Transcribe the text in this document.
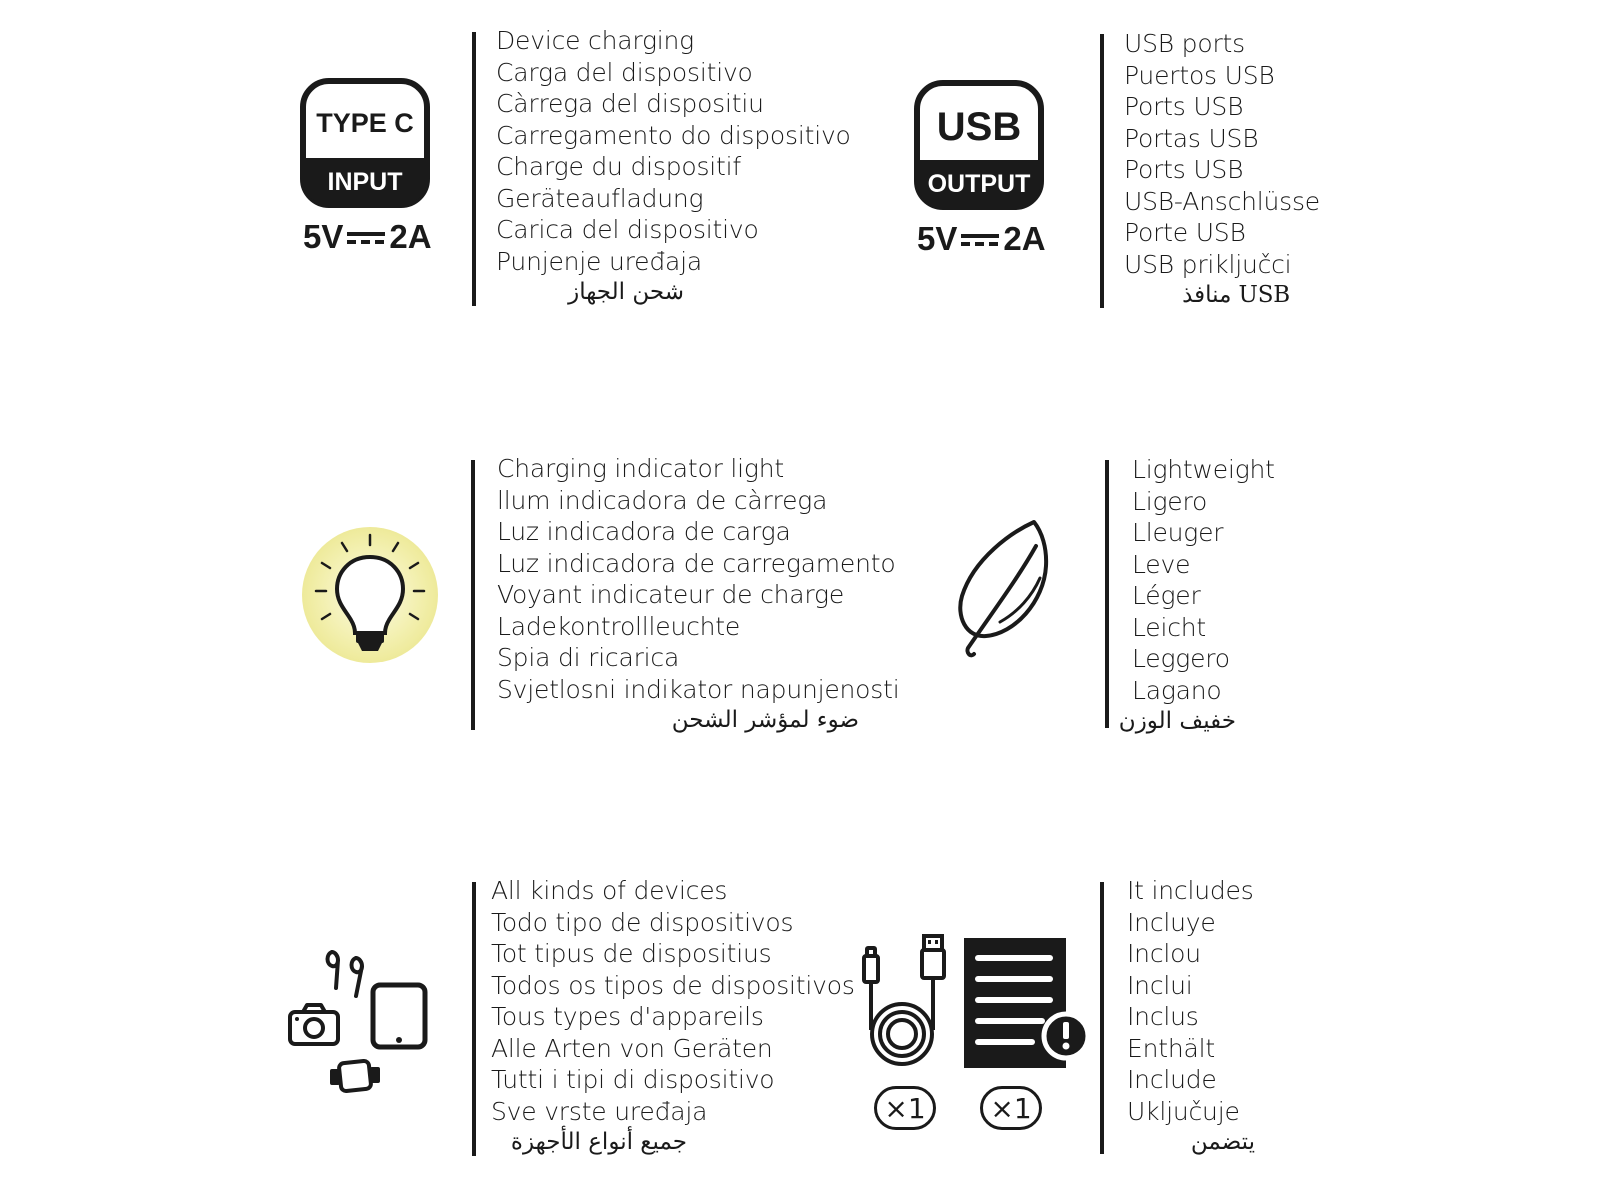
TYPE C
INPUT
5V 2A
Device charging
Carga del dispositivo
Càrrega del dispositiu
Carregamento do dispositivo
Charge du dispositif
Geräteaufladung
Carica del dispositivo
Punjenje uređaja
شحن الجهاز
USB
OUTPUT
5V 2A
USB ports
Puertos USB
Ports USB
Portas USB
Ports USB
USB-Anschlüsse
Porte USB
USB priključci
USB منافذ
Charging indicator light
llum indicadora de càrrega
Luz indicadora de carga
Luz indicadora de carregamento
Voyant indicateur de charge
Ladekontrollleuchte
Spia di ricarica
Svjetlosni indikator napunjenosti
ضوء لمؤشر الشحن
Lightweight
Ligero
Lleuger
Leve
Léger
Leicht
Leggero
Lagano
خفيف الوزن
All kinds of devices
Todo tipo de dispositivos
Tot tipus de dispositius
Todos os tipos de dispositivos
Tous types d'appareils
Alle Arten von Geräten
Tutti i tipi di dispositivo
Sve vrste uređaja
جميع أنواع الأجهزة
×1	×1
It includes
Incluye
Inclou
Inclui
Inclus
Enthält
Include
Uključuje
يتضمن
